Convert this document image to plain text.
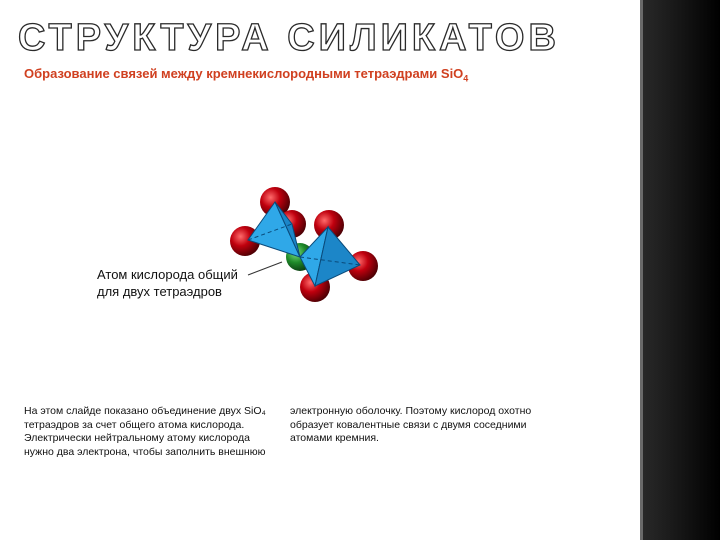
СТРУКТУРА СИЛИКАТОВ
Образование связей между кремнекислородными тетраэдрами SiO$_4$
Атом кислорода общий
для двух тетраэдров
На этом слайде показано объединение двух SiO₄
тетраэдров за счет общего атома кислорода.
Электрически нейтральному атому кислорода
нужно два электрона, чтобы заполнить внешнюю
электронную оболочку. Поэтому кислород охотно
образует ковалентные связи с двумя соседними
атомами кремния.
